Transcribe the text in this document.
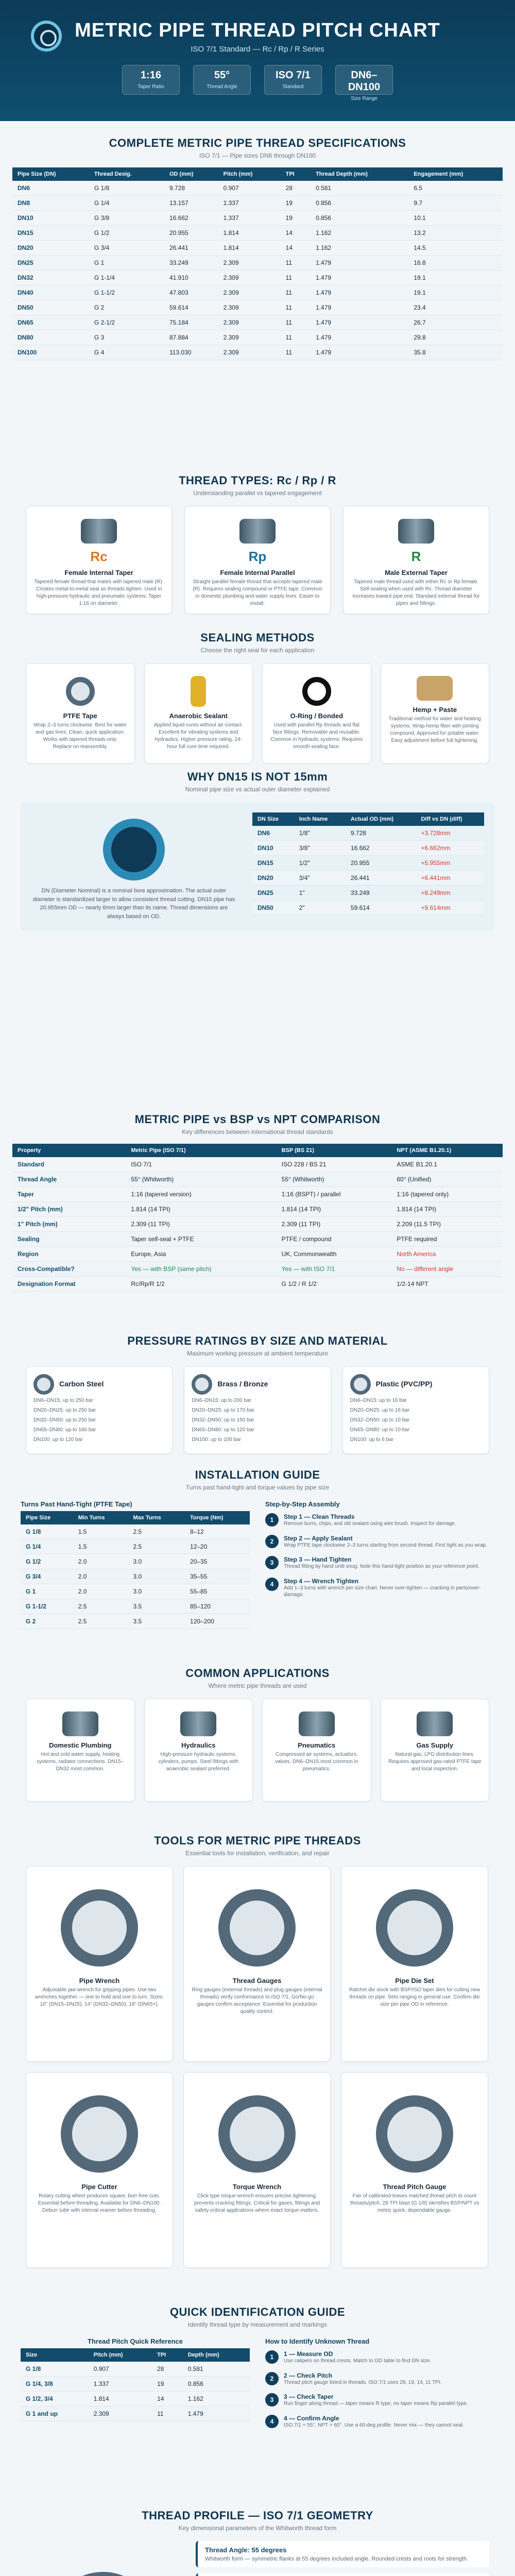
METRIC PIPE THREAD PITCH CHART
ISO 7/1 Standard — Rc / Rp / R Series
1:16
Taper Ratio
55°
Thread Angle
ISO 7/1
Standard
DN6–DN100
Size Range
COMPLETE METRIC PIPE THREAD SPECIFICATIONS
ISO 7/1 — Pipe sizes DN6 through DN100
Pipe Size (DN)	Thread Desig.	OD (mm)	Pitch (mm)	TPI	Thread Depth (mm)	Engagement (mm)
DN6	G 1/8	9.728	0.907	28	0.581	6.5
DN8	G 1/4	13.157	1.337	19	0.856	9.7
DN10	G 3/8	16.662	1.337	19	0.856	10.1
DN15	G 1/2	20.955	1.814	14	1.162	13.2
DN20	G 3/4	26.441	1.814	14	1.162	14.5
DN25	G 1	33.249	2.309	11	1.479	16.8
DN32	G 1-1/4	41.910	2.309	11	1.479	19.1
DN40	G 1-1/2	47.803	2.309	11	1.479	19.1
DN50	G 2	59.614	2.309	11	1.479	23.4
DN65	G 2-1/2	75.184	2.309	11	1.479	26.7
DN80	G 3	87.884	2.309	11	1.479	29.8
DN100	G 4	113.030	2.309	11	1.479	35.8
THREAD TYPES: Rc / Rp / R
Understanding parallel vs tapered engagement
Rc
Female Internal Taper

Tapered female thread that mates with tapered male (R). Creates metal-to-metal seal as threads tighten. Used in high-pressure hydraulic and pneumatic systems. Taper 1:16 on diameter.

Rp
Female Internal Parallel

Straight parallel female thread that accepts tapered male (R). Requires sealing compound or PTFE tape. Common in domestic plumbing and water supply lines. Easier to install.

R
Male External Taper

Tapered male thread used with either Rc or Rp female. Self-sealing when used with Rc. Thread diameter increases toward pipe end. Standard external thread for pipes and fittings.

SEALING METHODS
Choose the right seal for each application
PTFE Tape

Wrap 2–3 turns clockwise. Best for water and gas lines. Clean, quick application. Works with tapered threads only. Replace on reassembly.

Anaerobic Sealant

Applied liquid cures without air contact. Excellent for vibrating systems and hydraulics. Higher pressure rating. 24-hour full cure time required.

O-Ring / Bonded

Used with parallel Rp threads and flat face fittings. Removable and reusable. Common in hydraulic systems. Requires smooth sealing face.

Hemp + Paste

Traditional method for water and heating systems. Wrap hemp fiber with jointing compound. Approved for potable water. Easy adjustment before full tightening.

WHY DN15 IS NOT 15mm
Nominal pipe size vs actual outer diameter explained

DN (Diameter Nominal) is a nominal bore approximation. The actual outer diameter is standardized larger to allow consistent thread cutting. DN15 pipe has 20.955mm OD — nearly 6mm larger than its name. Thread dimensions are always based on OD.

DN Size	Inch Name	Actual OD (mm)	Diff vs DN (diff)
DN6	1/8"	9.728	+3.728mm
DN10	3/8"	16.662	+6.662mm
DN15	1/2"	20.955	+5.955mm
DN20	3/4"	26.441	+6.441mm
DN25	1"	33.249	+8.249mm
DN50	2"	59.614	+9.614mm
METRIC PIPE vs BSP vs NPT COMPARISON
Key differences between international thread standards
Property	Metric Pipe (ISO 7/1)	BSP (BS 21)	NPT (ASME B1.20.1)
Standard	ISO 7/1	ISO 228 / BS 21	ASME B1.20.1
Thread Angle	55° (Whitworth)	55° (Whitworth)	60° (Unified)
Taper	1:16 (tapered version)	1:16 (BSPT) / parallel	1:16 (tapered only)
1/2" Pitch (mm)	1.814 (14 TPI)	1.814 (14 TPI)	1.814 (14 TPI)
1" Pitch (mm)	2.309 (11 TPI)	2.309 (11 TPI)	2.209 (11.5 TPI)
Sealing	Taper self-seal + PTFE	PTFE / compound	PTFE required
Region	Europe, Asia	UK, Commonwealth	North America
Cross-Compatible?	Yes — with BSP (same pitch)	Yes — with ISO 7/1	No — different angle
Designation Format	Rc/Rp/R 1/2	G 1/2 / R 1/2	1/2-14 NPT
PRESSURE RATINGS BY SIZE AND MATERIAL
Maximum working pressure at ambient temperature
Carbon Steel

DN6–DN15: up to 250 bar

DN20–DN25: up to 250 bar

DN32–DN50: up to 250 bar

DN65–DN80: up to 160 bar

DN100: up to 120 bar

Brass / Bronze

DN6–DN15: up to 200 bar

DN20–DN25: up to 170 bar

DN32–DN50: up to 150 bar

DN65–DN80: up to 120 bar

DN100: up to 100 bar

Plastic (PVC/PP)

DN6–DN15: up to 16 bar

DN20–DN25: up to 16 bar

DN32–DN50: up to 10 bar

DN65–DN80: up to 10 bar

DN100: up to 6 bar

INSTALLATION GUIDE
Turns past hand-tight and torque values by pipe size
Turns Past Hand-Tight (PTFE Tape)
Pipe Size	Min Turns	Max Turns	Torque (Nm)
G 1/8	1.5	2.5	8–12
G 1/4	1.5	2.5	12–20
G 1/2	2.0	3.0	20–35
G 3/4	2.0	3.0	35–55
G 1	2.0	3.0	55–85
G 1-1/2	2.5	3.5	85–120
G 2	2.5	3.5	120–200
Step-by-Step Assembly
1	Step 1 — Clean Threads

Remove burrs, chips, and old sealant using wire brush. Inspect for damage.

2	Step 2 — Apply Sealant

Wrap PTFE tape clockwise 2–3 turns starting from second thread. First tight as you wrap.

3	Step 3 — Hand Tighten

Thread fitting by hand until snug. Note this hand-tight position as your reference point.

4	Step 4 — Wrench Tighten

Add 1–3 turns with wrench per size chart. Never over-tighten — cracking in parts/over-damage.

COMMON APPLICATIONS
Where metric pipe threads are used
Domestic Plumbing

Hot and cold water supply, heating systems, radiator connections. DN15–DN32 most common.

Hydraulics

High-pressure hydraulic systems, cylinders, pumps. Steel fittings with anaerobic sealant preferred.

Pneumatics

Compressed air systems, actuators, valves. DN6–DN15 most common in pneumatics.

Gas Supply

Natural gas, LPG distribution lines. Requires approved gas-rated PTFE tape and local inspection.

TOOLS FOR METRIC PIPE THREADS
Essential tools for installation, verification, and repair
Pipe Wrench

Adjustable jaw wrench for gripping pipes. Use two wrenches together — one to hold and one to turn. Sizes: 10" (DN15–DN25), 14" (DN32–DN50), 18" (DN65+).

Thread Gauges

Ring gauges (external threads) and plug gauges (internal threads) verify conformance to ISO 7/1. Go/No-go gauges confirm acceptance. Essential for production quality control.

Pipe Die Set

Ratchet die stock with BSP/ISO taper dies for cutting new threads on pipe. Sets ranging in general use. Confirm die size per pipe OD in reference.

Pipe Cutter

Rotary cutting wheel produces square, burr-free cuts. Essential before threading. Available for DN6–DN100. Deburr tube with internal reamer before threading.

Torque Wrench

Click-type torque wrench ensures precise tightening, prevents cracking fittings. Critical for gases, fittings and safety-critical applications where exact torque matters.

Thread Pitch Gauge

Fan of calibrated leaves matched thread pitch to count threads/pitch. 28 TPI blast (G 1/8) identifies BSP/NPT vs metric quick, dependable gauge.

QUICK IDENTIFICATION GUIDE
Identify thread type by measurement and markings
Thread Pitch Quick Reference
Size	Pitch (mm)	TPI	Depth (mm)
G 1/8	0.907	28	0.581
G 1/4, 3/8	1.337	19	0.856
G 1/2, 3/4	1.814	14	1.162
G 1 and up	2.309	11	1.479
How to Identify Unknown Thread
1	1 — Measure OD

Use calipers on thread crests. Match to OD table to find DN size.

2	2 — Check Pitch

Thread pitch gauge listed in threads. ISO 7/1 uses 28, 19, 14, 11 TPI.

3	3 — Check Taper

Run finger along thread — taper means R type, no taper means Rp parallel type.

4	4 — Confirm Angle

ISO 7/1 = 55°, NPT = 60°. Use a 60-deg profile. Never mix — they cannot seal.

THREAD PROFILE — ISO 7/1 GEOMETRY
Key dimensional parameters of the Whitworth thread form
Thread Angle: 55 degrees

Whitworth form — symmetric flanks at 55 degrees included angle. Rounded crests and roots for strength.
